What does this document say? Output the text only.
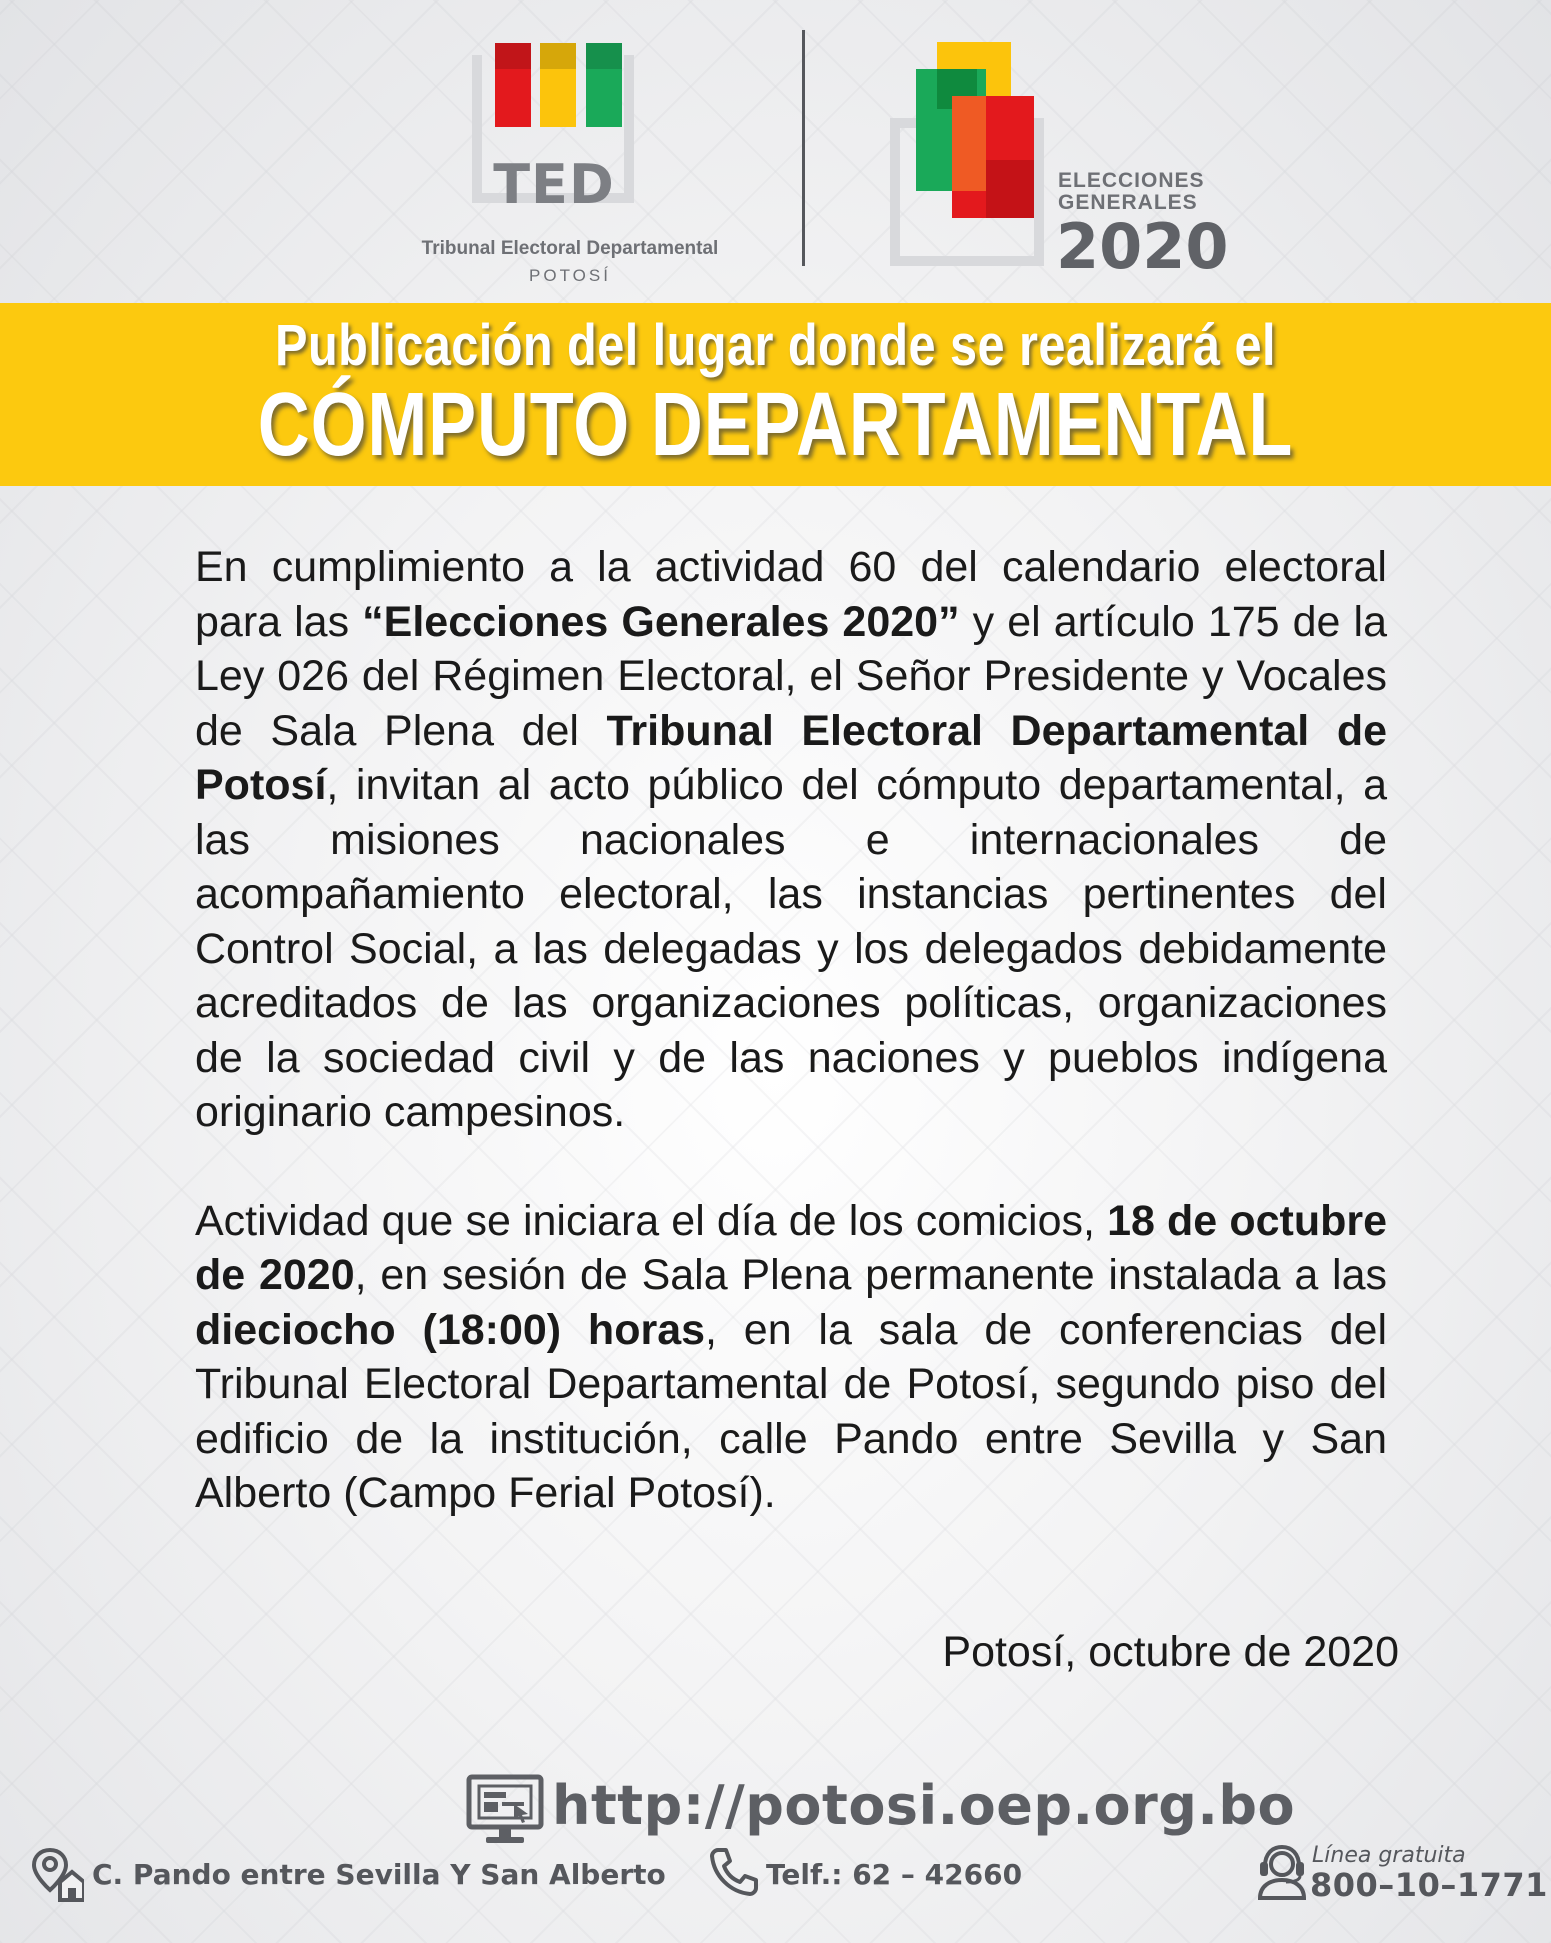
TED
Tribunal Electoral Departamental
POTOSÍ
ELECCIONES
GENERALES
2020
Publicación del lugar donde se realizará el
CÓMPUTO DEPARTAMENTAL

En cumplimiento a la actividad 60 del calendario electoral para las “Elecciones Generales 2020” y el artículo 175 de la Ley 026 del Régimen Electoral, el Señor Presidente y Vocales de Sala Plena del Tribunal Electoral Departamental de Potosí, invitan al acto público del cómputo departamental, a las misiones nacionales e internacionales de acompañamiento electoral, las instancias pertinentes del Control Social, a las delegadas y los delegados debidamente acreditados de las organizaciones políticas, organizaciones de la sociedad civil y de las naciones y pueblos indígena originario campesinos.

Actividad que se iniciara el día de los comicios, 18 de octubre de 2020, en sesión de Sala Plena permanente instalada a las dieciocho (18:00) horas, en la sala de conferencias del Tribunal Electoral Departamental de Potosí, segundo piso del edificio de la institución, calle Pando entre Sevilla y San Alberto (Campo Ferial Potosí).

Potosí, octubre de 2020
http://potosi.oep.org.bo
C. Pando entre Sevilla Y San Alberto	Telf.: 62 – 42660
Línea gratuita
800–10–1771
